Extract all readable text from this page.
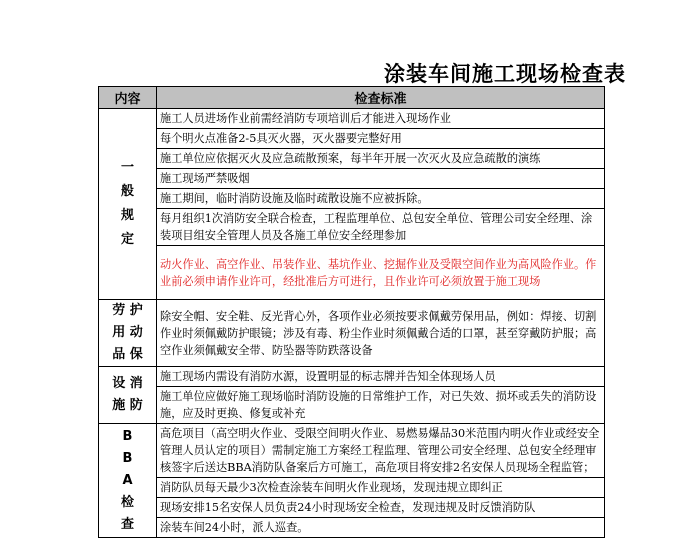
涂装车间施工现场检查表
内容	检查标准

一 般 规 定	施工人员进场作业前需经消防专项培训后才能进入现场作业
	每个明火点准备2-5具灭火器，灭火器要完整好用
	施工单位应依据灭火及应急疏散预案，每半年开展一次灭火及应急疏散的演练
	施工现场严禁吸烟
	施工期间，临时消防设施及临时疏散设施不应被拆除。
	每月组织1次消防安全联合检查，工程监理单位、总包安全单位、管理公司安全经理、涂装项目组安全管理人员及各施工单位安全经理参加
	动火作业、高空作业、吊装作业、基坑作业、挖掘作业及受限空间作业为高风险作业。作业前必须申请作业许可，经批准后方可进行，且作业许可必须放置于施工现场

劳 护
用 动
品 保	除安全帽、安全鞋、反光背心外，各项作业必须按要求佩戴劳保用品，例如：焊接、切割作业时须佩戴防护眼镜；涉及有毒、粉尘作业时须佩戴合适的口罩，甚至穿戴防护服；高空作业须佩戴安全带、防坠器等防跌落设备

设 消
施 防	施工现场内需设有消防水源，设置明显的标志牌并告知全体现场人员
	施工单位应做好施工现场临时消防设施的日常维护工作，对已失效、损坏或丢失的消防设施，应及时更换、修复或补充

B B A 检 查	高危项目（高空明火作业、受限空间明火作业、易燃易爆品30米范围内明火作业或经安全管理人员认定的项目）需制定施工方案经工程监理、管理公司安全经理、总包安全经理审核签字后送达BBA消防队备案后方可施工，高危项目将安排2名安保人员现场全程监管；
	消防队员每天最少3次检查涂装车间明火作业现场，发现违规立即纠正
	现场安排15名安保人员负责24小时现场安全检查，发现违规及时反馈消防队
	涂装车间24小时，派人巡查。
